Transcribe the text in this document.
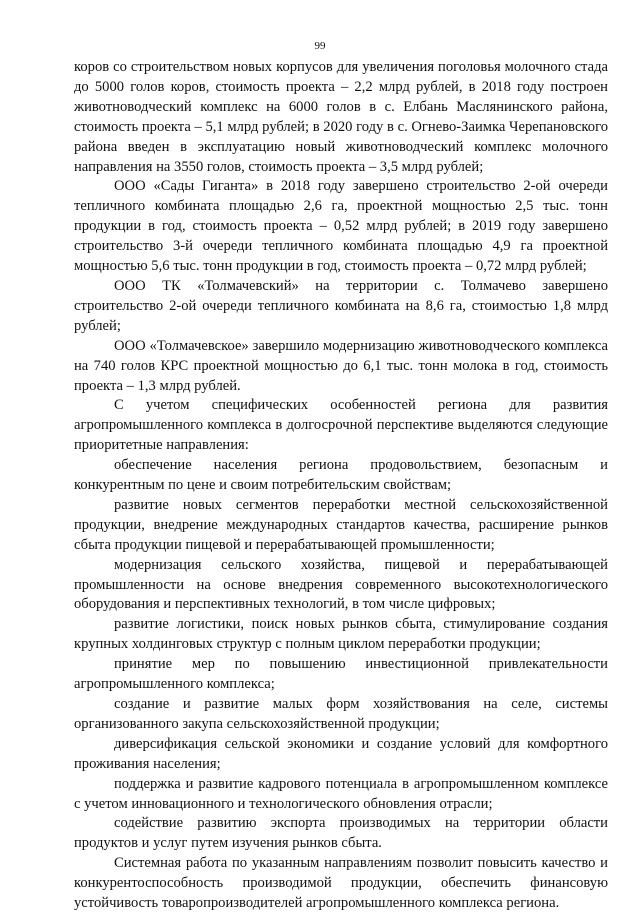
99

коров со строительством новых корпусов для увеличения поголовья молочного стада до 5000 голов коров, стоимость проекта – 2,2 млрд рублей, в 2018 году построен животноводческий комплекс на 6000 голов в с. Елбань Маслянинского района, стоимость проекта – 5,1 млрд рублей; в 2020 году в с. Огнево-Заимка Черепановского района введен в эксплуатацию новый животноводческий комплекс молочного направления на 3550 голов, стоимость проекта – 3,5 млрд рублей;

ООО «Сады Гиганта» в 2018 году завершено строительство 2-ой очереди тепличного комбината площадью 2,6 га, проектной мощностью 2,5 тыс. тонн продукции в год, стоимость проекта – 0,52 млрд рублей; в 2019 году завершено строительство 3-й очереди тепличного комбината площадью 4,9 га проектной мощностью 5,6 тыс. тонн продукции в год, стоимость проекта – 0,72 млрд рублей;

ООО ТК «Толмачевский» на территории с. Толмачево завершено строительство 2-ой очереди тепличного комбината на 8,6 га, стоимостью 1,8 млрд рублей;

ООО «Толмачевское» завершило модернизацию животноводческого комплекса на 740 голов КРС проектной мощностью до 6,1 тыс. тонн молока в год, стоимость проекта – 1,3 млрд рублей.

С учетом специфических особенностей региона для развития агропромышленного комплекса в долгосрочной перспективе выделяются следующие приоритетные направления:

обеспечение населения региона продовольствием, безопасным и конкурентным по цене и своим потребительским свойствам;

развитие новых сегментов переработки местной сельскохозяйственной продукции, внедрение международных стандартов качества, расширение рынков сбыта продукции пищевой и перерабатывающей промышленности;

модернизация сельского хозяйства, пищевой и перерабатывающей промышленности на основе внедрения современного высокотехнологического оборудования и перспективных технологий, в том числе цифровых;

развитие логистики, поиск новых рынков сбыта, стимулирование создания крупных холдинговых структур с полным циклом переработки продукции;

принятие мер по повышению инвестиционной привлекательности агропромышленного комплекса;

создание и развитие малых форм хозяйствования на селе, системы организованного закупа сельскохозяйственной продукции;

диверсификация сельской экономики и создание условий для комфортного проживания населения;

поддержка и развитие кадрового потенциала в агропромышленном комплексе с учетом инновационного и технологического обновления отрасли;

содействие развитию экспорта производимых на территории области продуктов и услуг путем изучения рынков сбыта.

Системная работа по указанным направлениям позволит повысить качество и конкурентоспособность производимой продукции, обеспечить финансовую устойчивость товаропроизводителей агропромышленного комплекса региона.
